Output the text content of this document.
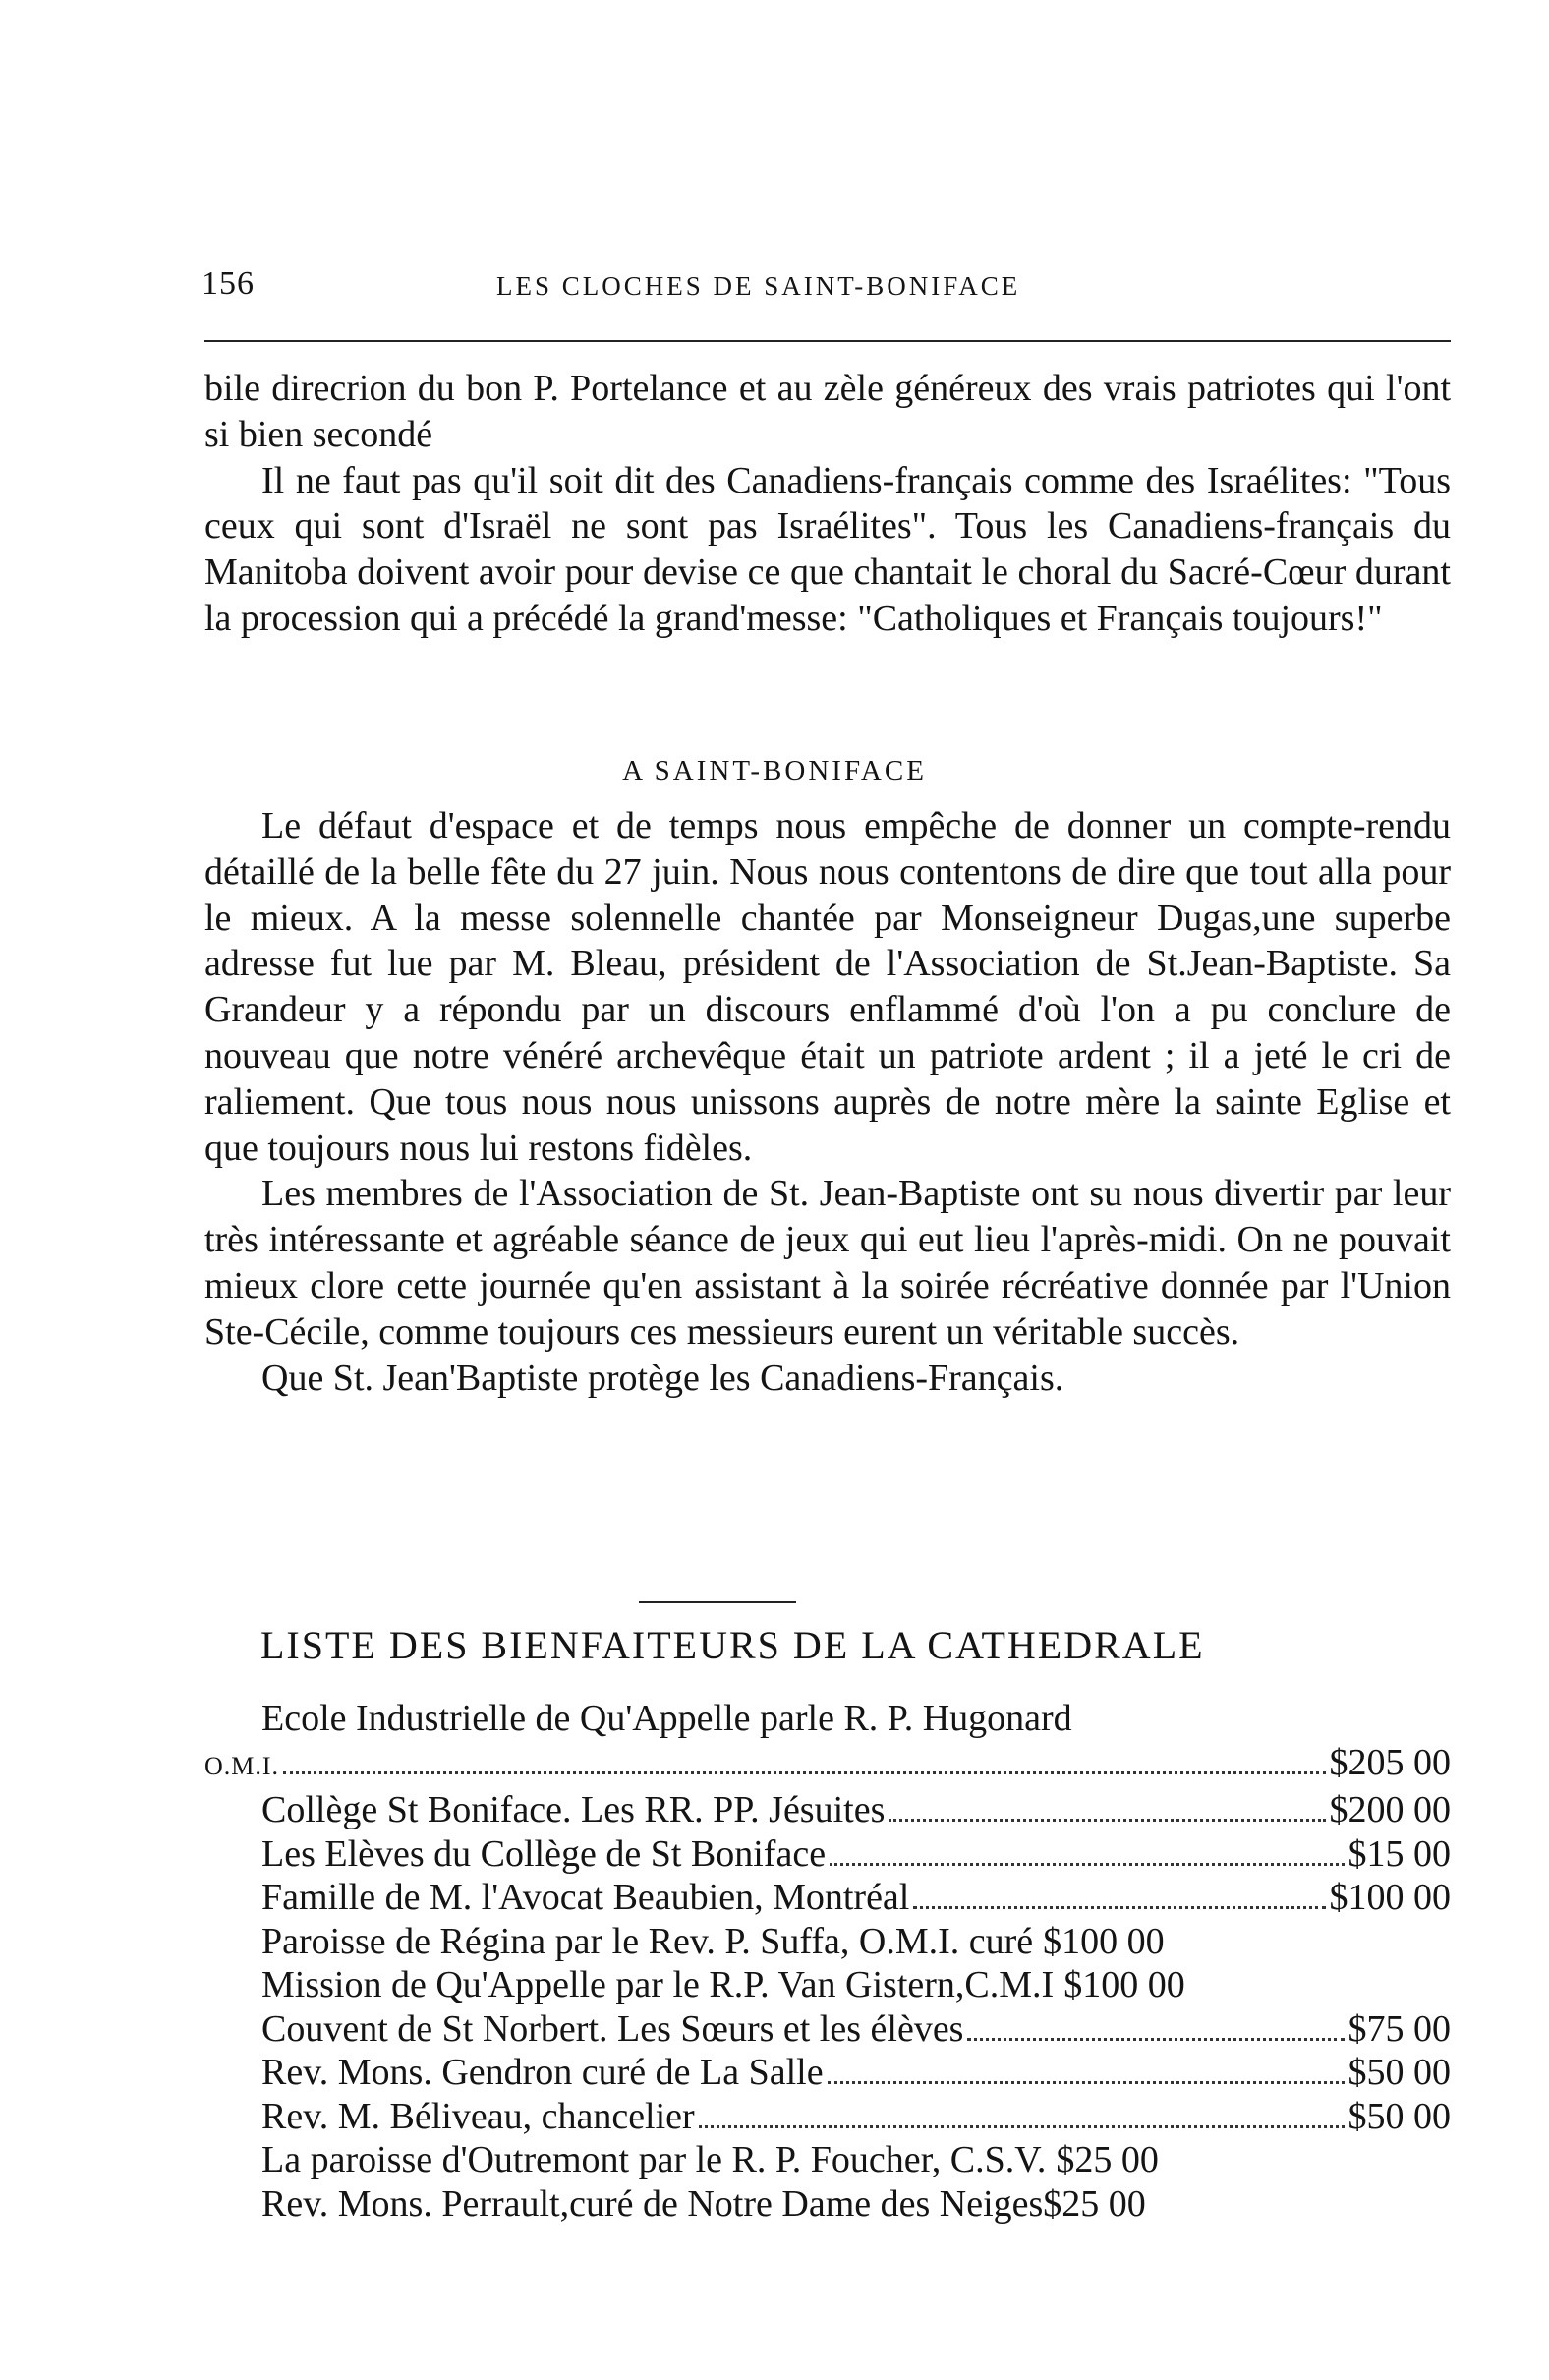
156	LES CLOCHES DE SAINT-BONIFACE

bile direcrion du bon P. Portelance et au zèle généreux des vrais patriotes qui l'ont si bien secondé

Il ne faut pas qu'il soit dit des Canadiens-français comme des Israélites: "Tous ceux qui sont d'Israël ne sont pas Israélites". Tous les Canadiens-français du Manitoba doivent avoir pour devise ce que chantait le choral du Sacré-Cœur durant la procession qui a précédé la grand'messe: "Catholiques et Français toujours!"

A SAINT-BONIFACE

Le défaut d'espace et de temps nous empêche de donner un compte-rendu détaillé de la belle fête du 27 juin. Nous nous contentons de dire que tout alla pour le mieux. A la messe solennelle chantée par Monseigneur Dugas,une superbe adresse fut lue par M. Bleau, président de l'Association de St.Jean-Baptiste. Sa Grandeur y a répondu par un discours enflammé d'où l'on a pu conclure de nouveau que notre vénéré archevêque était un patriote ardent ; il a jeté le cri de raliement. Que tous nous nous unissons auprès de notre mère la sainte Eglise et que toujours nous lui restons fidèles.

Les membres de l'Association de St. Jean-Baptiste ont su nous divertir par leur très intéressante et agréable séance de jeux qui eut lieu l'après-midi. On ne pouvait mieux clore cette journée qu'en assistant à la soirée récréative donnée par l'Union Ste-Cécile, comme toujours ces messieurs eurent un véritable succès.

Que St. Jean'Baptiste protège les Canadiens-Français.

LISTE DES BIENFAITEURS DE LA CATHEDRALE
Ecole Industrielle de Qu'Appelle parle R. P. Hugonard
O.M.I.	$205 00
Collège St Boniface. Les RR. PP. Jésuites	$200 00
Les Elèves du Collège de St Boniface	$15 00
Famille de M. l'Avocat Beaubien, Montréal	$100 00
Paroisse de Régina par le Rev. P. Suffa, O.M.I. curé $100 00
Mission de Qu'Appelle par le R.P. Van Gistern,C.M.I $100 00
Couvent de St Norbert. Les Sœurs et les élèves	$75 00
Rev. Mons. Gendron curé de La Salle	$50 00
Rev. M. Béliveau, chancelier	$50 00
La paroisse d'Outremont par le R. P. Foucher, C.S.V. $25 00
Rev. Mons. Perrault,curé de Notre Dame des Neiges $25 00
